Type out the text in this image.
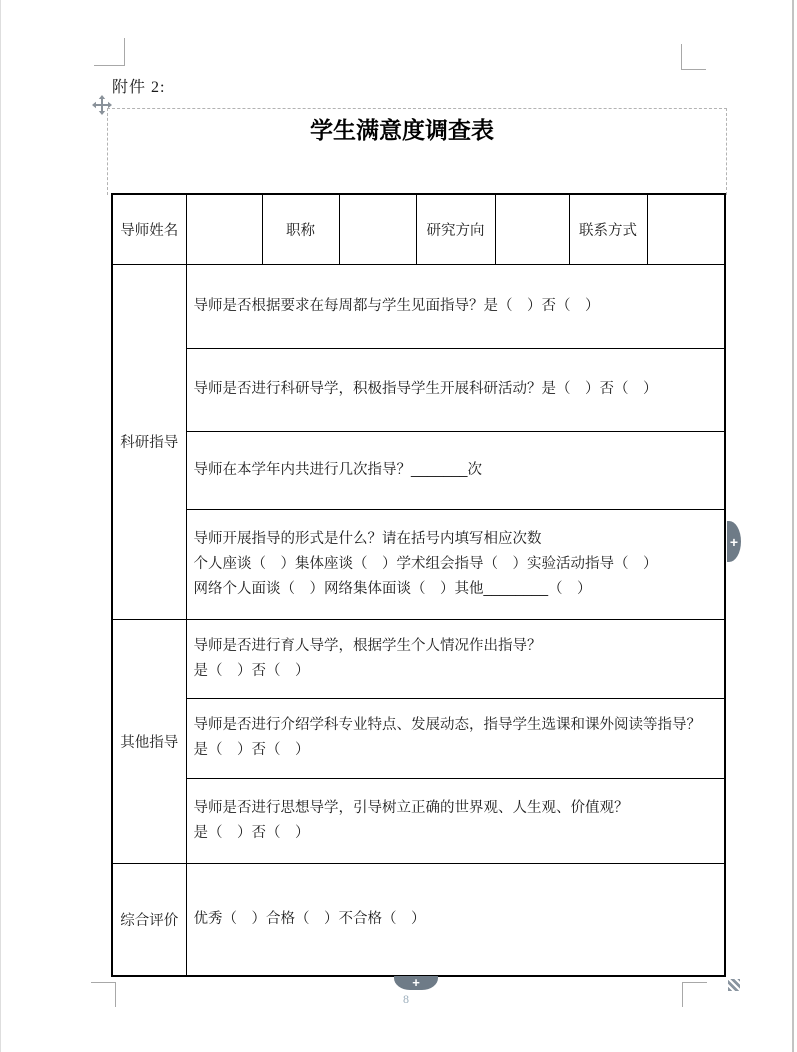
附件 2:
学生满意度调查表
导师姓名		职称		研究方向		联系方式	
科研指导	导师是否根据要求在每周都与学生见面指导？是（　）否（　）						

	导师是否进行科研导学，积极指导学生开展科研活动？是（　）否（　）						

	导师在本学年内共进行几次指导？_______次						

	导师开展指导的形式是什么？请在括号内填写相应次数
个人座谈（　）集体座谈（　）学术组会指导（　）实验活动指导（　）
网络个人面谈（　）网络集体面谈（　）其他________（　）						

其他指导	导师是否进行育人导学，根据学生个人情况作出指导？
是（　）否（　）						

	导师是否进行介绍学科专业特点、发展动态，指导学生选课和课外阅读等指导？
是（　）否（　）						

	导师是否进行思想导学，引导树立正确的世界观、人生观、价值观？
是（　）否（　）						

综合评价	优秀（　）合格（　）不合格（　）						
+
+
8
